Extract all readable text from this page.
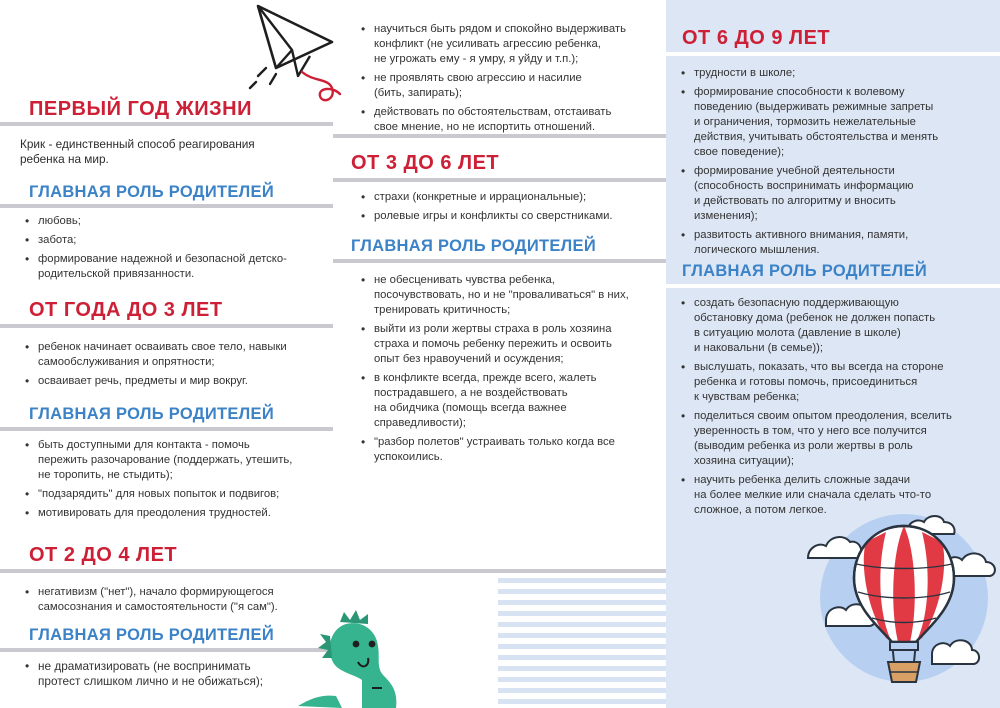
ПЕРВЫЙ ГОД ЖИЗНИ

Крик - единственный способ реагирования
ребенка на мир.

ГЛАВНАЯ РОЛЬ РОДИТЕЛЕЙ
• любовь;
• забота;
• формирование надежной и безопасной детско-
родительской привязанности.
ОТ ГОДА ДО 3 ЛЕТ
• ребенок начинает осваивать свое тело, навыки
самообслуживания и опрятности;
• осваивает речь, предметы и мир вокруг.
ГЛАВНАЯ РОЛЬ РОДИТЕЛЕЙ
• быть доступными для контакта - помочь
пережить разочарование (поддержать, утешить,
не торопить, не стыдить);
• "подзарядить" для новых попыток и подвигов;
• мотивировать для преодоления трудностей.
ОТ 2 ДО 4 ЛЕТ
• негативизм ("нет"), начало формирующегося
самосознания и самостоятельности ("я сам").
ГЛАВНАЯ РОЛЬ РОДИТЕЛЕЙ
• не драматизировать (не воспринимать
протест слишком лично и не обижаться);
• научиться быть рядом и спокойно выдерживать
конфликт (не усиливать агрессию ребенка,
не угрожать ему - я умру, я уйду и т.п.);
• не проявлять свою агрессию и насилие
(бить, запирать);
• действовать по обстоятельствам, отстаивать
свое мнение, но не испортить отношений.
ОТ 3 ДО 6 ЛЕТ
• страхи (конкретные и иррациональные);
• ролевые игры и конфликты со сверстниками.
ГЛАВНАЯ РОЛЬ РОДИТЕЛЕЙ
• не обесценивать чувства ребенка,
посочувствовать, но и не "проваливаться" в них,
тренировать критичность;
• выйти из роли жертвы страха в роль хозяина
страха и помочь ребенку пережить и освоить
опыт без нравоучений и осуждения;
• в конфликте всегда, прежде всего, жалеть
пострадавшего, а не воздействовать
на обидчика (помощь всегда важнее
справедливости);
• "разбор полетов" устраивать только когда все
успокоились.
ОТ 6 ДО 9 ЛЕТ
• трудности в школе;
• формирование способности к волевому
поведению (выдерживать режимные запреты
и ограничения, тормозить нежелательные
действия, учитывать обстоятельства и менять
свое поведение);
• формирование учебной деятельности
(способность воспринимать информацию
и действовать по алгоритму и вносить
изменения);
• развитость активного внимания, памяти,
логического мышления.
ГЛАВНАЯ РОЛЬ РОДИТЕЛЕЙ
• создать безопасную поддерживающую
обстановку дома (ребенок не должен попасть
в ситуацию молота (давление в школе)
и наковальни (в семье));
• выслушать, показать, что вы всегда на стороне
ребенка и готовы помочь, присоединиться
к чувствам ребенка;
• поделиться своим опытом преодоления, вселить
уверенность в том, что у него все получится
(выводим ребенка из роли жертвы в роль
хозяина ситуации);
• научить ребенка делить сложные задачи
на более мелкие или сначала сделать что-то
сложное, а потом легкое.
